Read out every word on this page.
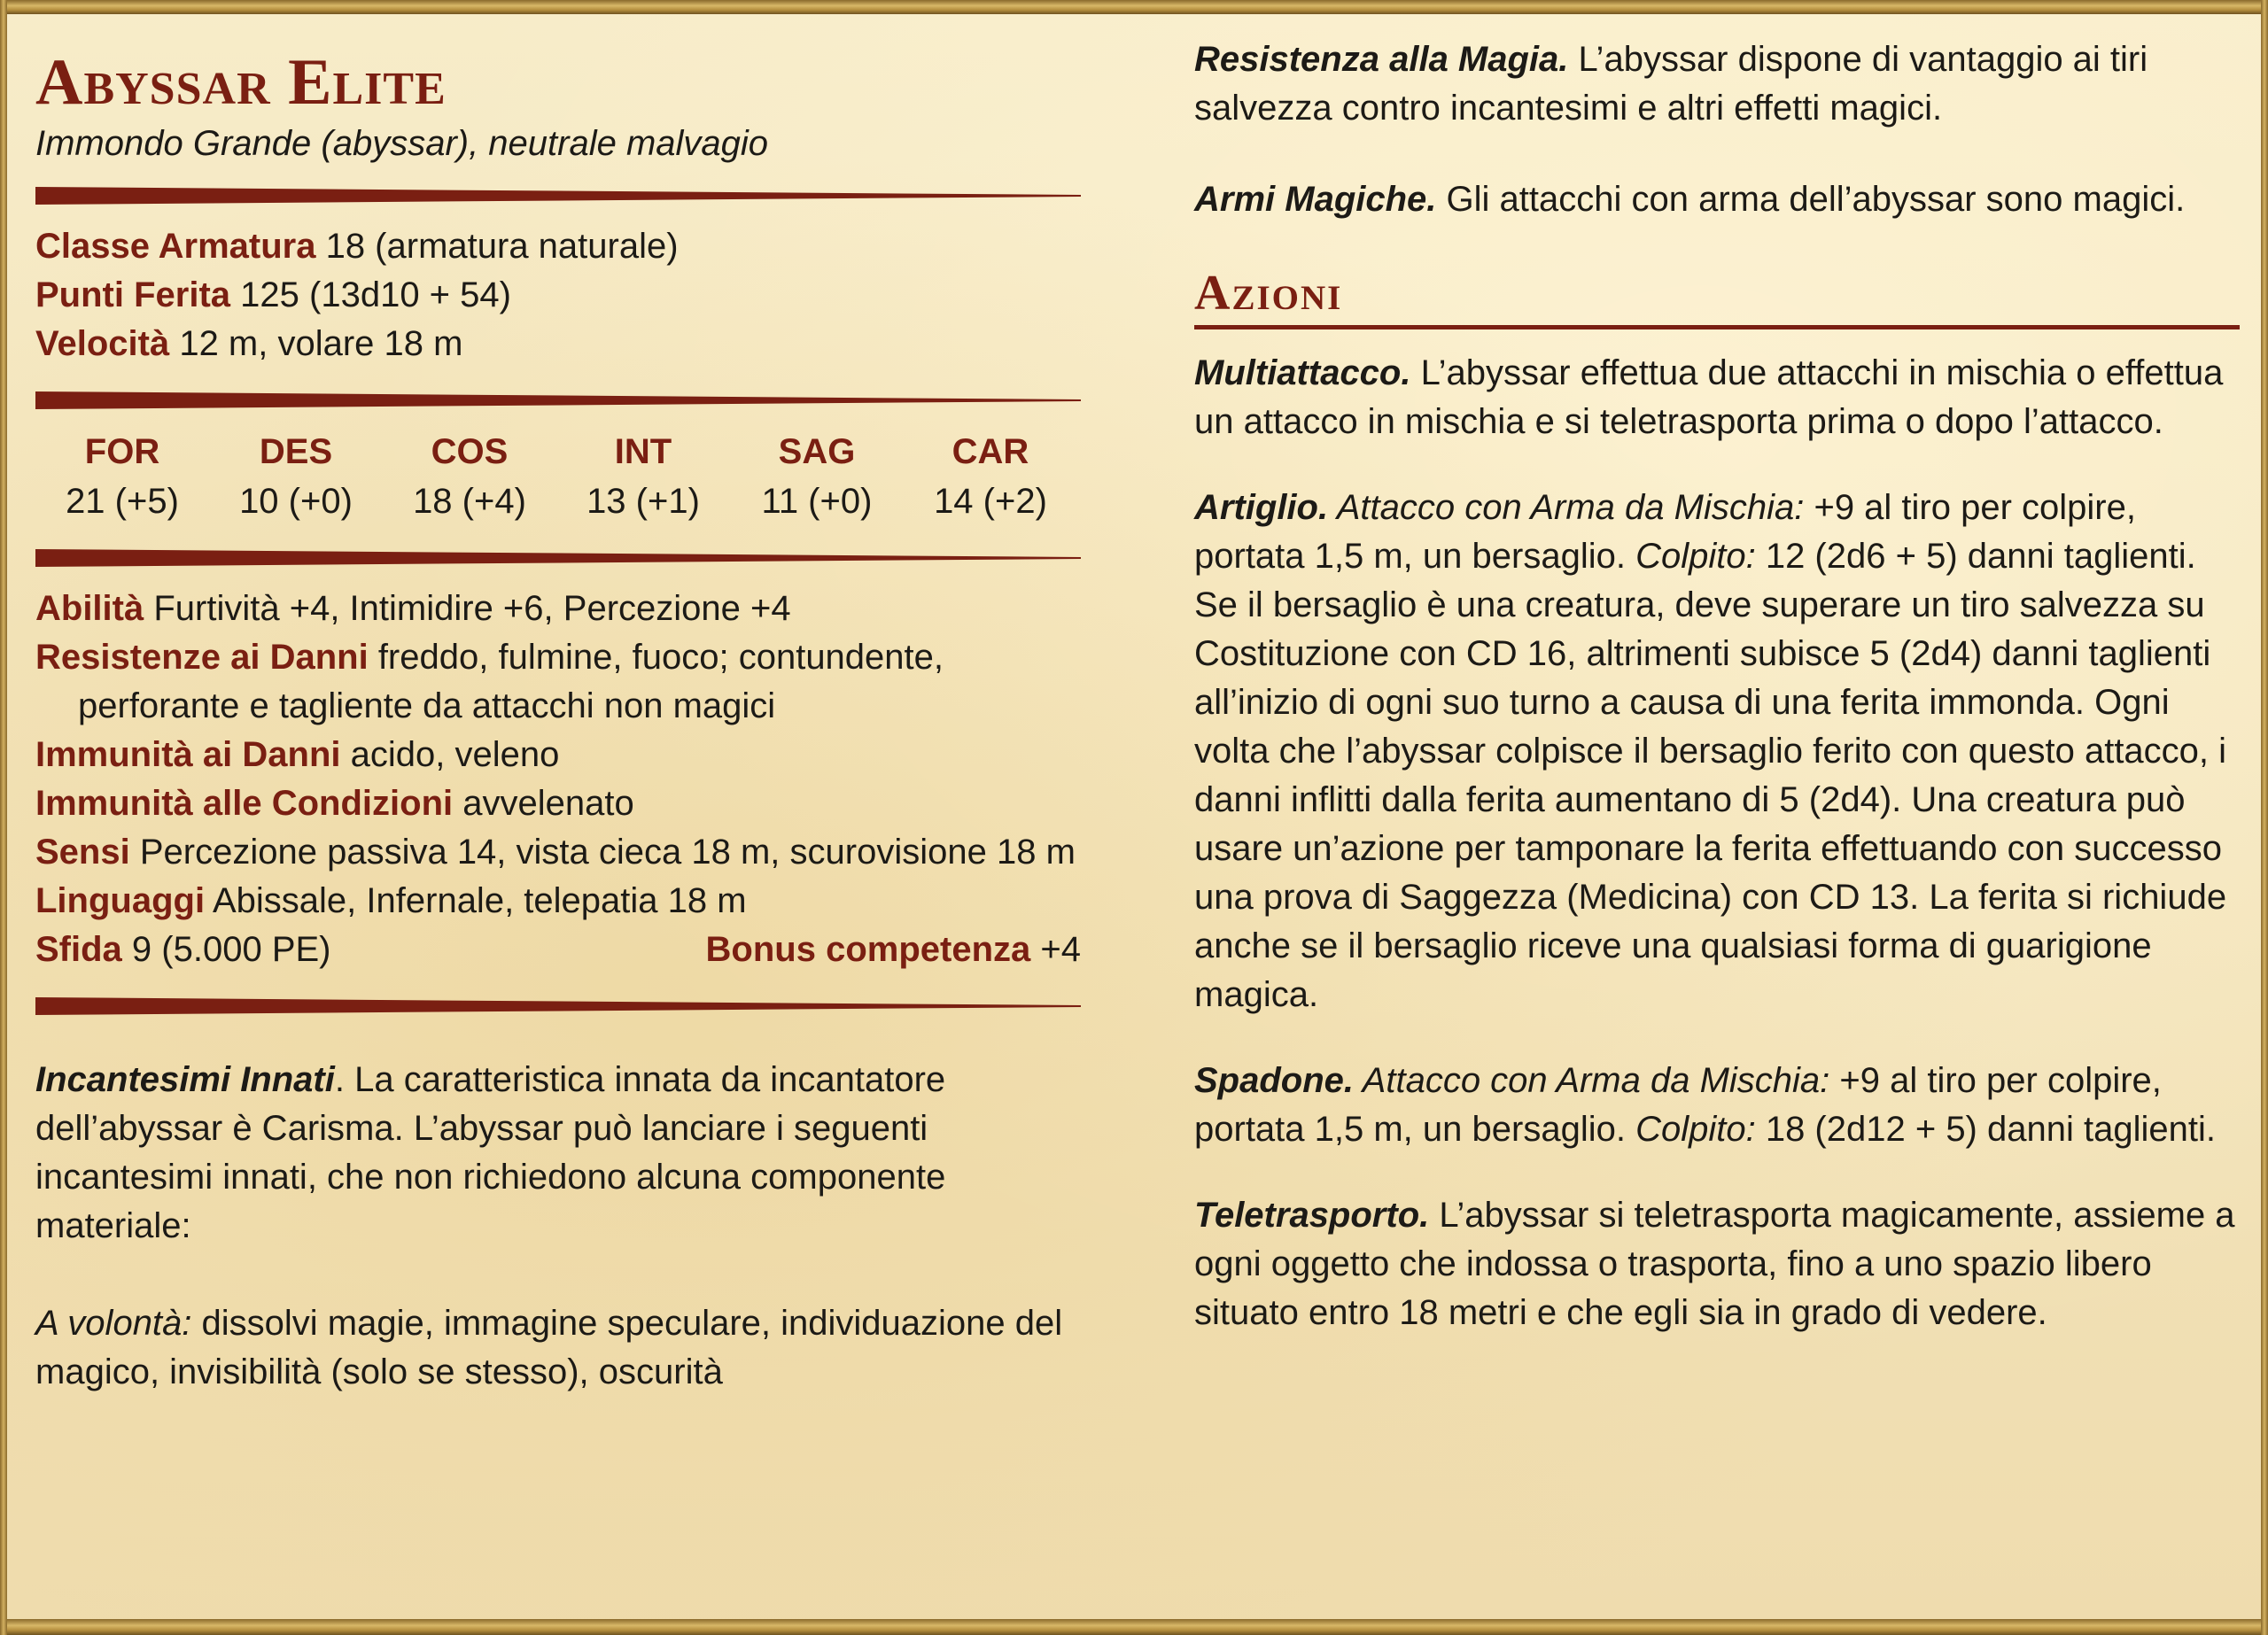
Abyssar Elite
Immondo Grande (abyssar), neutrale malvagio
Classe Armatura 18 (armatura naturale)
Punti Ferita 125 (13d10 + 54)
Velocità 12 m, volare 18 m
FOR
21 (+5)
DES
10 (+0)
COS
18 (+4)
INT
13 (+1)
SAG
11 (+0)
CAR
14 (+2)
Abilità Furtività +4, Intimidire +6, Percezione +4
Resistenze ai Danni freddo, fulmine, fuoco; contundente, perforante e tagliente da attacchi non magici
Immunità ai Danni acido, veleno
Immunità alle Condizioni avvelenato
Sensi Percezione passiva 14, vista cieca 18 m, scurovisione 18 m
Linguaggi Abissale, Infernale, telepatia 18 m
Sfida 9 (5.000 PE)	Bonus competenza +4

Incantesimi Innati. La caratteristica innata da incantatore dell’abyssar è Carisma. L’abyssar può lanciare i seguenti incantesimi innati, che non richiedono alcuna componente materiale:

A volontà: dissolvi magie, immagine speculare, individuazione del magico, invisibilità (solo se stesso), oscurità

Resistenza alla Magia. L’abyssar dispone di vantaggio ai tiri salvezza contro incantesimi e altri effetti magici.

Armi Magiche. Gli attacchi con arma dell’abyssar sono magici.

Azioni

Multiattacco. L’abyssar effettua due attacchi in mischia o effettua un attacco in mischia e si teletrasporta prima o dopo l’attacco.

Artiglio. Attacco con Arma da Mischia: +9 al tiro per colpire, portata 1,5 m, un bersaglio. Colpito: 12 (2d6 + 5) danni taglienti. Se il bersaglio è una creatura, deve superare un tiro salvezza su Costituzione con CD 16, altrimenti subisce 5 (2d4) danni taglienti all’inizio di ogni suo turno a causa di una ferita immonda. Ogni volta che l’abyssar colpisce il bersaglio ferito con questo attacco, i danni inflitti dalla ferita aumentano di 5 (2d4). Una creatura può usare un’azione per tamponare la ferita effettuando con successo una prova di Saggezza (Medicina) con CD 13. La ferita si richiude anche se il bersaglio riceve una qualsiasi forma di guarigione magica.

Spadone. Attacco con Arma da Mischia: +9 al tiro per colpire, portata 1,5 m, un bersaglio. Colpito: 18 (2d12 + 5) danni taglienti.

Teletrasporto. L’abyssar si teletrasporta magicamente, assieme a ogni oggetto che indossa o trasporta, fino a uno spazio libero situato entro 18 metri e che egli sia in grado di vedere.
